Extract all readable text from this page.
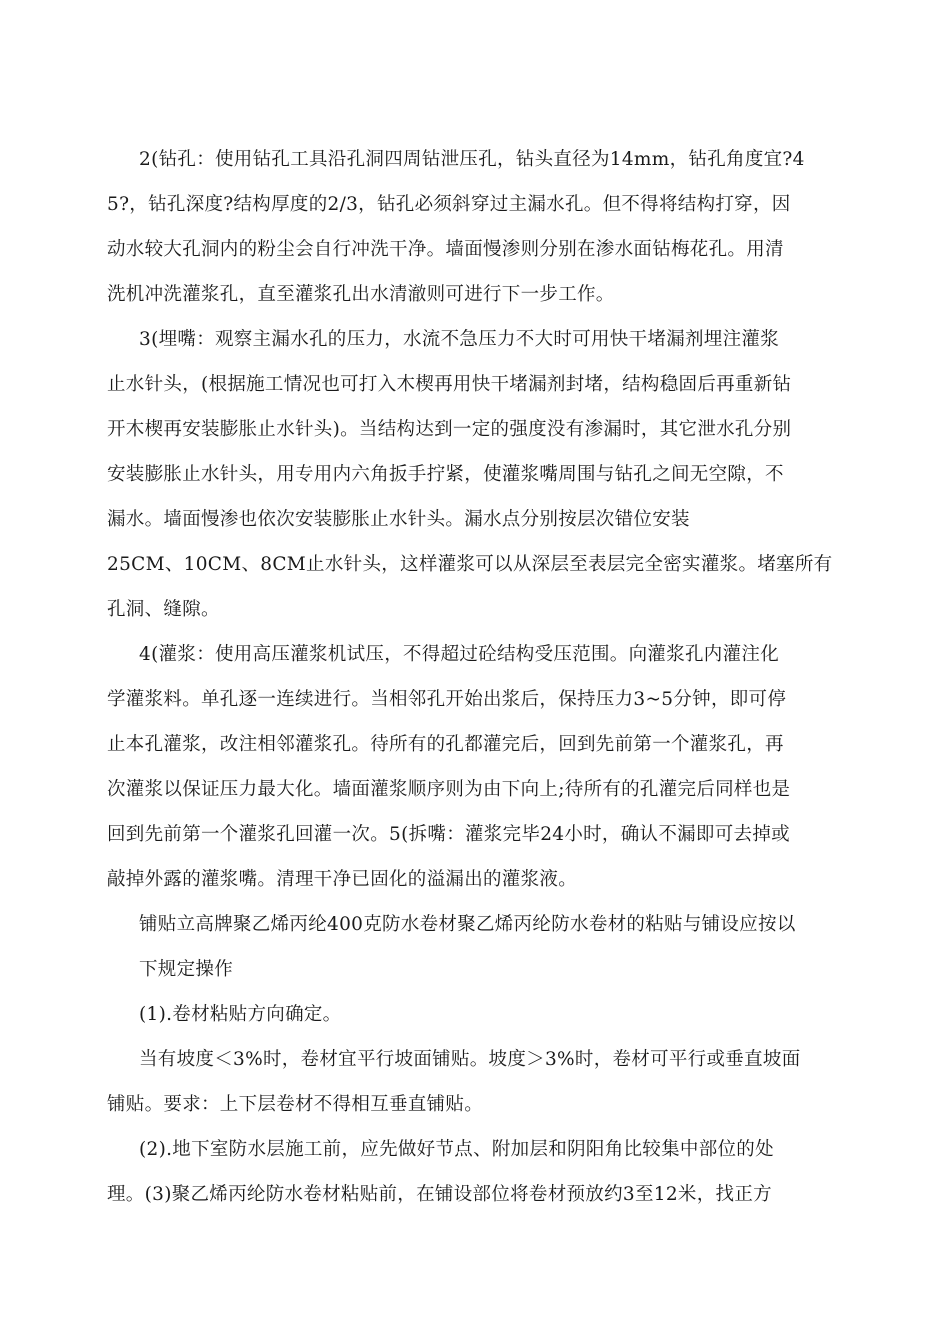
2(钻孔：使用钻孔工具沿孔洞四周钻泄压孔，钻头直径为14mm，钻孔角度宜?4
5?，钻孔深度?结构厚度的2/3，钻孔必须斜穿过主漏水孔。但不得将结构打穿，因
动水较大孔洞内的粉尘会自行冲洗干净。墙面慢渗则分别在渗水面钻梅花孔。用清
洗机冲洗灌浆孔，直至灌浆孔出水清澈则可进行下一步工作。
3(埋嘴：观察主漏水孔的压力，水流不急压力不大时可用快干堵漏剂埋注灌浆
止水针头，(根据施工情况也可打入木楔再用快干堵漏剂封堵，结构稳固后再重新钻
开木楔再安装膨胀止水针头)。当结构达到一定的强度没有渗漏时，其它泄水孔分别
安装膨胀止水针头，用专用内六角扳手拧紧，使灌浆嘴周围与钻孔之间无空隙，不
漏水。墙面慢渗也依次安装膨胀止水针头。漏水点分别按层次错位安装
25CM、10CM、8CM止水针头，这样灌浆可以从深层至表层完全密实灌浆。堵塞所有
孔洞、缝隙。
4(灌浆：使用高压灌浆机试压，不得超过砼结构受压范围。向灌浆孔内灌注化
学灌浆料。单孔逐一连续进行。当相邻孔开始出浆后，保持压力3~5分钟，即可停
止本孔灌浆，改注相邻灌浆孔。待所有的孔都灌完后，回到先前第一个灌浆孔，再
次灌浆以保证压力最大化。墙面灌浆顺序则为由下向上;待所有的孔灌完后同样也是
回到先前第一个灌浆孔回灌一次。5(拆嘴：灌浆完毕24小时，确认不漏即可去掉或
敲掉外露的灌浆嘴。清理干净已固化的溢漏出的灌浆液。
铺贴立高牌聚乙烯丙纶400克防水卷材聚乙烯丙纶防水卷材的粘贴与铺设应按以
下规定操作
(1).卷材粘贴方向确定。
当有坡度＜3%时，卷材宜平行坡面铺贴。坡度＞3%时，卷材可平行或垂直坡面
铺贴。要求：上下层卷材不得相互垂直铺贴。
(2).地下室防水层施工前，应先做好节点、附加层和阴阳角比较集中部位的处
理。(3)聚乙烯丙纶防水卷材粘贴前，在铺设部位将卷材预放约3至12米，找正方
